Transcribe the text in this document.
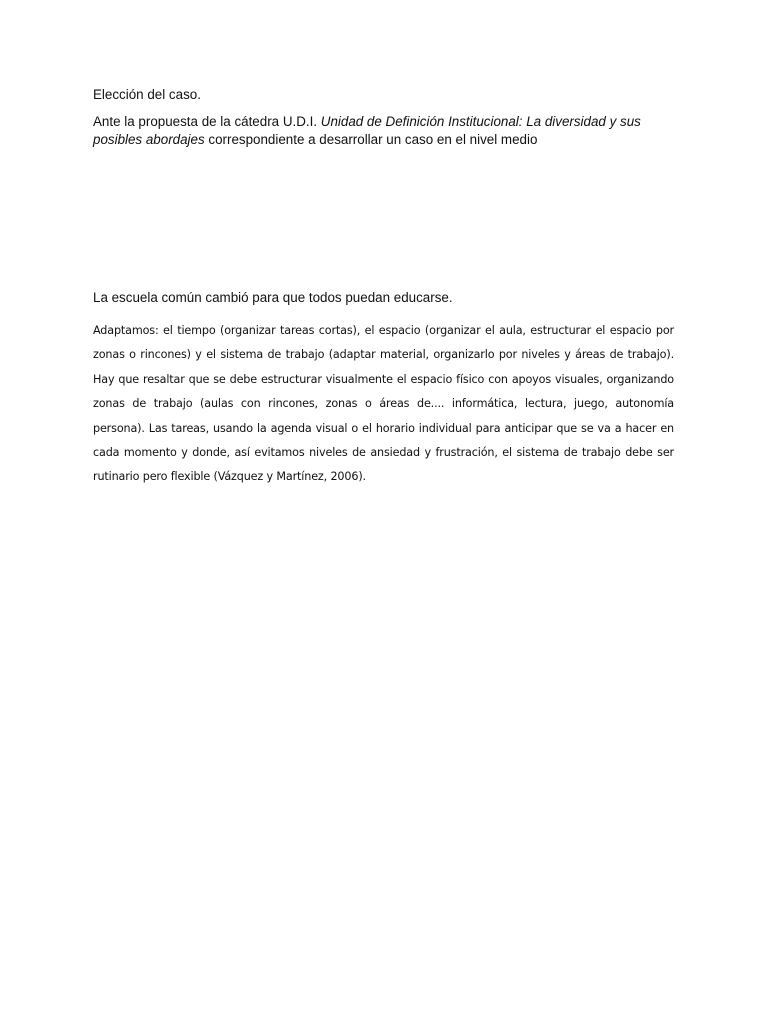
Elección del caso.

Ante la propuesta de la cátedra U.D.I. Unidad de Definición Institucional: La diversidad y sus posibles abordajes correspondiente a desarrollar un caso en el nivel medio

La escuela común cambió para que todos puedan educarse.

Adaptamos: el tiempo (organizar tareas cortas), el espacio (organizar el aula, estructurar el espacio por zonas o rincones) y el sistema de trabajo (adaptar material, organizarlo por niveles y áreas de trabajo). Hay que resaltar que se debe estructurar visualmente el espacio físico con apoyos visuales, organizando zonas de trabajo (aulas con rincones, zonas o áreas de.... informática, lectura, juego, autonomía persona). Las tareas, usando la agenda visual o el horario individual para anticipar que se va a hacer en cada momento y donde, así evitamos niveles de ansiedad y frustración, el sistema de trabajo debe ser rutinario pero flexible (Vázquez y Martínez, 2006).
